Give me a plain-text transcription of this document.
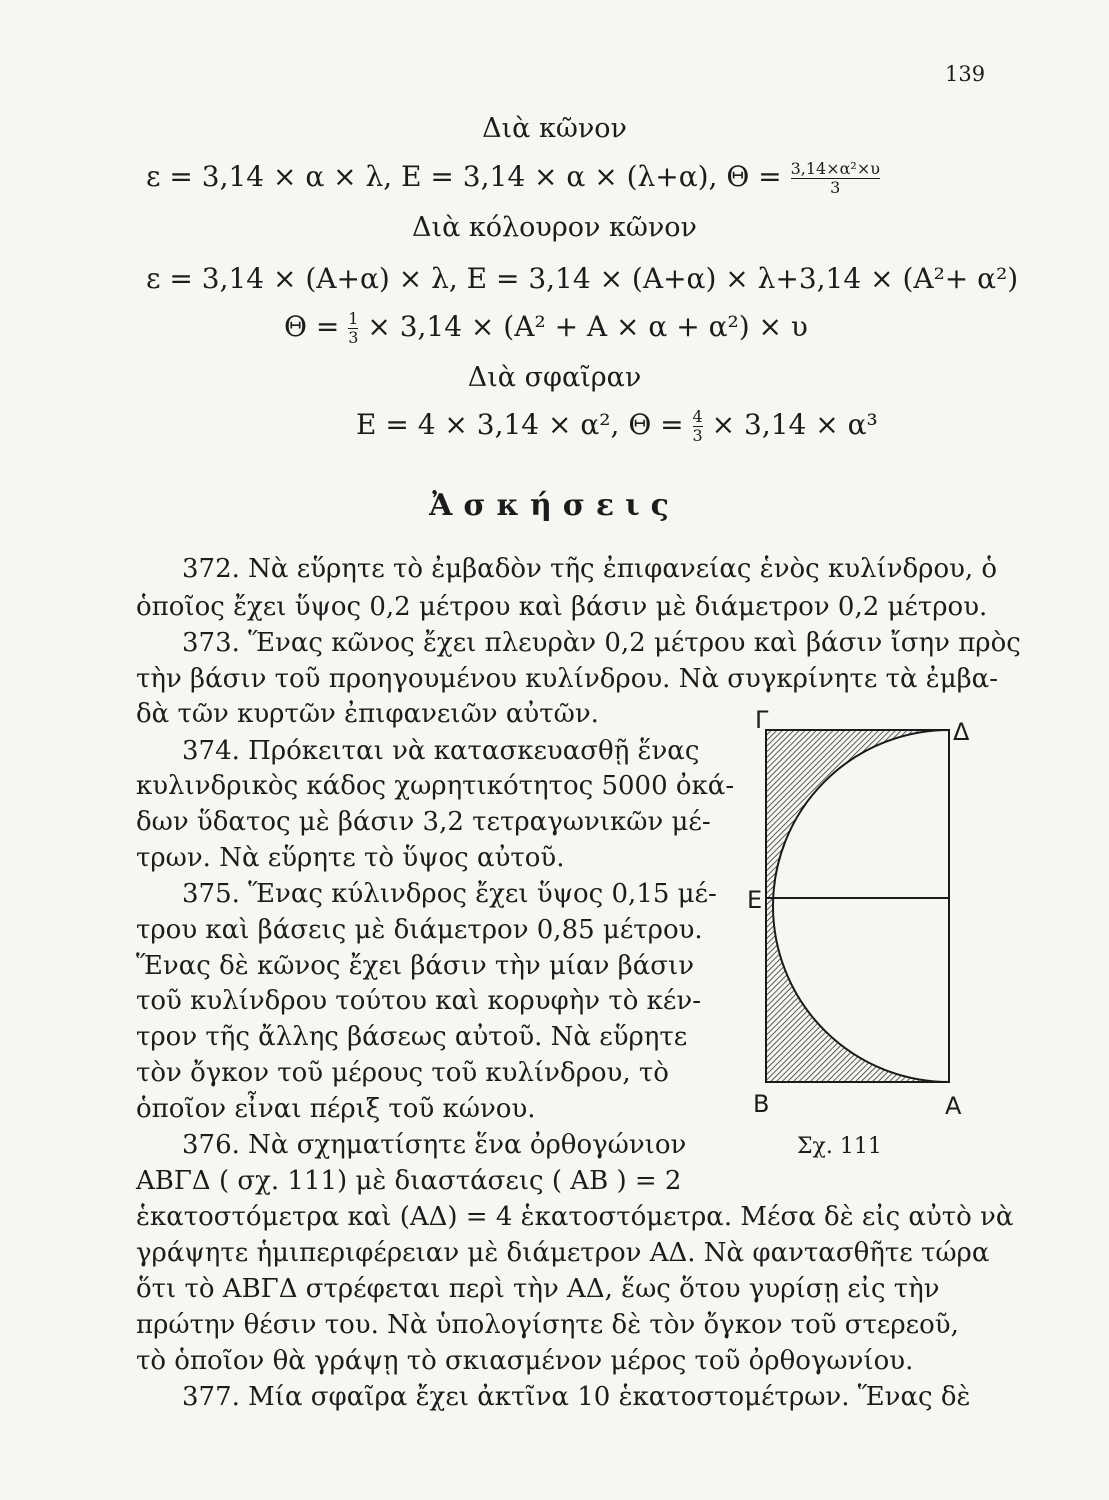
139
Διὰ κῶνον
ε = 3,14 × α × λ, Ε = 3,14 × α × (λ+α), $\Theta = \frac{\text{3,14×α²×υ}}{3}$
Διὰ κόλουρον κῶνον
ε = 3,14 × (Α+α) × λ, Ε = 3,14 × (Α+α) × λ+3,14 × (Α²+ α²)
$\Theta = \frac{1}{3} \times 3,14 \times (A^2 + A \times \alpha + \alpha^2) \times \upsilon$
Διὰ σφαῖραν
Ε = 4 × 3,14 × α², $\Theta = \frac{4}{3} \times 3,14 \times \alpha^3$
Ἀσκήσεις
372. Νὰ εὕρητε τὸ ἐμβαδὸν τῆς ἐπιφανείας ἑνὸς κυλίνδρου, ὁ
ὁποῖος ἔχει ὕψος 0,2 μέτρου καὶ βάσιν μὲ διάμετρον 0,2 μέτρου.
373. Ἕνας κῶνος ἔχει πλευρὰν 0,2 μέτρου καὶ βάσιν ἴσην πρὸς
τὴν βάσιν τοῦ προηγουμένου κυλίνδρου. Νὰ συγκρίνητε τὰ ἐμβα-
δὰ τῶν κυρτῶν ἐπιφανειῶν αὐτῶν.
374. Πρόκειται νὰ κατασκευασθῇ ἕνας
κυλινδρικὸς κάδος χωρητικότητος 5000 ὀκά-
δων ὕδατος μὲ βάσιν 3,2 τετραγωνικῶν μέ-
τρων. Νὰ εὕρητε τὸ ὕψος αὐτοῦ.
375. Ἕνας κύλινδρος ἔχει ὕψος 0,15 μέ-
τρου καὶ βάσεις μὲ διάμετρον 0,85 μέτρου.
Ἕνας δὲ κῶνος ἔχει βάσιν τὴν μίαν βάσιν
τοῦ κυλίνδρου τούτου καὶ κορυφὴν τὸ κέν-
τρον τῆς ἄλλης βάσεως αὐτοῦ. Νὰ εὕρητε
τὸν ὄγκον τοῦ μέρους τοῦ κυλίνδρου, τὸ
ὁποῖον εἶναι πέριξ τοῦ κώνου.
376. Νὰ σχηματίσητε ἕνα ὀρθογώνιον
ΑΒΓΔ ( σχ. 111) μὲ διαστάσεις ( ΑΒ ) = 2
ἑκατοστόμετρα καὶ (ΑΔ) = 4 ἑκατοστόμετρα. Μέσα δὲ εἰς αὐτὸ νὰ
γράψητε ἡμιπεριφέρειαν μὲ διάμετρον ΑΔ. Νὰ φαντασθῆτε τώρα
ὅτι τὸ ΑΒΓΔ στρέφεται περὶ τὴν ΑΔ, ἕως ὅτου γυρίσῃ εἰς τὴν
πρώτην θέσιν του. Νὰ ὑπολογίσητε δὲ τὸν ὄγκον τοῦ στερεοῦ,
τὸ ὁποῖον θὰ γράψῃ τὸ σκιασμένον μέρος τοῦ ὀρθογωνίου.
377. Μία σφαῖρα ἔχει ἀκτῖνα 10 ἑκατοστομέτρων. Ἕνας δὲ
Γ	Δ
Ε
Β	Α
Σχ. 111
